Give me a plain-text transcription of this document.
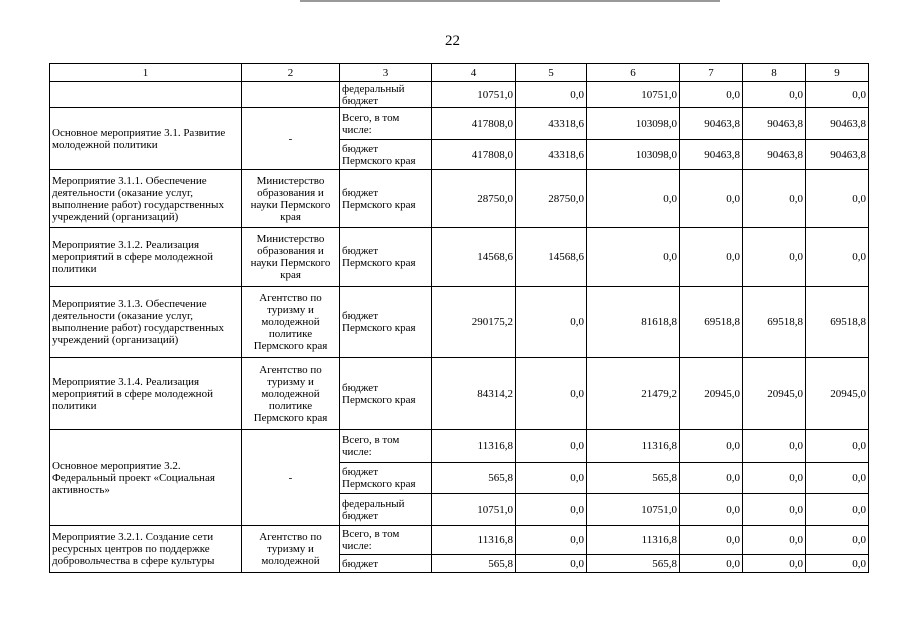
22
1	2	3	4	5	6	7	8	9
		федеральный бюджет	10751,0	0,0	10751,0	0,0	0,0	0,0
Основное мероприятие 3.1. Развитие молодежной политики	-	Всего, в том числе:	417808,0	43318,6	103098,0	90463,8	90463,8	90463,8
		бюджет Пермского края	417808,0	43318,6	103098,0	90463,8	90463,8	90463,8
Мероприятие 3.1.1. Обеспечение деятельности (оказание услуг, выполнение работ) государственных учреждений (организаций)	Министерство образования и науки Пермского края	бюджет Пермского края	28750,0	28750,0	0,0	0,0	0,0	0,0
Мероприятие 3.1.2. Реализация мероприятий в сфере молодежной политики	Министерство образования и науки Пермского края	бюджет Пермского края	14568,6	14568,6	0,0	0,0	0,0	0,0
Мероприятие 3.1.3. Обеспечение деятельности (оказание услуг, выполнение работ) государственных учреждений (организаций)	Агентство по туризму и молодежной политике Пермского края	бюджет Пермского края	290175,2	0,0	81618,8	69518,8	69518,8	69518,8
Мероприятие 3.1.4. Реализация мероприятий в сфере молодежной политики	Агентство по туризму и молодежной политике Пермского края	бюджет Пермского края	84314,2	0,0	21479,2	20945,0	20945,0	20945,0
Основное мероприятие 3.2. Федеральный проект «Социальная активность»	-	Всего, в том числе:	11316,8	0,0	11316,8	0,0	0,0	0,0
		бюджет Пермского края	565,8	0,0	565,8	0,0	0,0	0,0
		федеральный бюджет	10751,0	0,0	10751,0	0,0	0,0	0,0
Мероприятие 3.2.1. Создание сети ресурсных центров по поддержке добровольчества в сфере культуры	Агентство по туризму и молодежной	Всего, в том числе:	11316,8	0,0	11316,8	0,0	0,0	0,0
		бюджет	565,8	0,0	565,8	0,0	0,0	0,0
